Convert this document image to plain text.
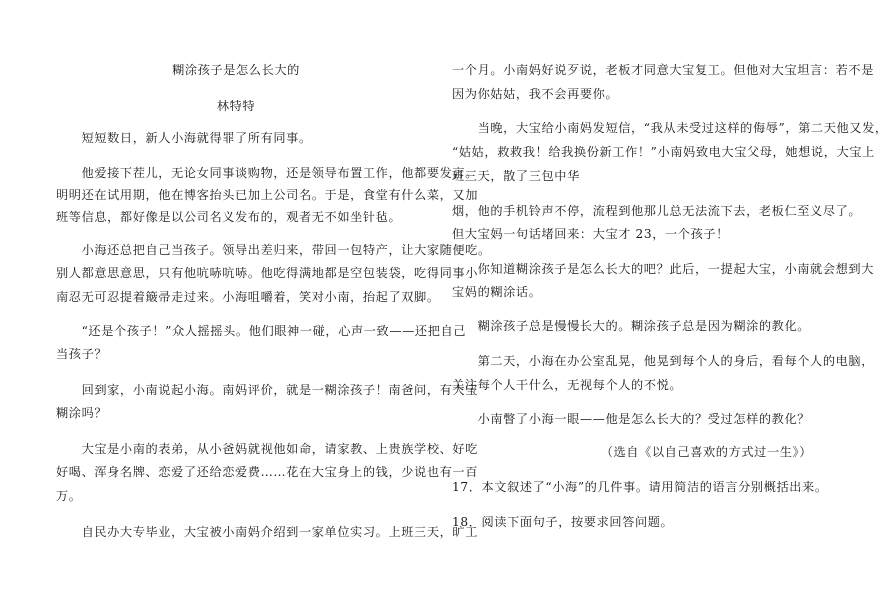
糊涂孩子是怎么长大的
林特特
　　短短数日，新人小海就得罪了所有同事。
　　他爱接下茬儿，无论女同事谈购物，还是领导布置工作，他都要发言。
明明还在试用期，他在博客抬头已加上公司名。于是，食堂有什么菜，又加
班等信息，都好像是以公司名义发布的，观者无不如坐针毡。
　　小海还总把自己当孩子。领导出差归来，带回一包特产，让大家随便吃。
别人都意思意思，只有他吭哧吭哧。他吃得满地都是空包装袋，吃得同事小
南忍无可忍提着簸帚走过来。小海咀嚼着，笑对小南，抬起了双脚。
　　“还是个孩子！”众人摇摇头。他们眼神一碰，心声一致——还把自己
当孩子？
　　回到家，小南说起小海。南妈评价，就是一糊涂孩子！南爸问，有大宝
糊涂吗？
　　大宝是小南的表弟，从小爸妈就视他如命，请家教、上贵族学校、好吃
好喝、浑身名牌、恋爱了还给恋爱费……花在大宝身上的钱，少说也有一百
万。
　　自民办大专毕业，大宝被小南妈介绍到一家单位实习。上班三天，旷工
一个月。小南妈好说歹说，老板才同意大宝复工。但他对大宝坦言：若不是
因为你姑姑，我不会再要你。
　　当晚，大宝给小南妈发短信，“我从未受过这样的侮辱”，第二天他又发，
“姑姑，救救我！给我换份新工作！”小南妈致电大宝父母，她想说，大宝上
班三天，散了三包中华
烟，他的手机铃声不停，流程到他那儿总无法流下去，老板仁至义尽了。
但大宝妈一句话堵回来：大宝才 23，一个孩子！
　　你知道糊涂孩子是怎么长大的吧？此后，一提起大宝，小南就会想到大
宝妈的糊涂话。
　　糊涂孩子总是慢慢长大的。糊涂孩子总是因为糊涂的教化。
　　第二天，小海在办公室乱晃，他晃到每个人的身后，看每个人的电脑，
关注每个人干什么，无视每个人的不悦。
　　小南瞥了小海一眼——他是怎么长大的？受过怎样的教化？
（选自《以自己喜欢的方式过一生》）
17．本文叙述了“小海”的几件事。请用简洁的语言分别概括出来。
18．阅读下面句子，按要求回答问题。
